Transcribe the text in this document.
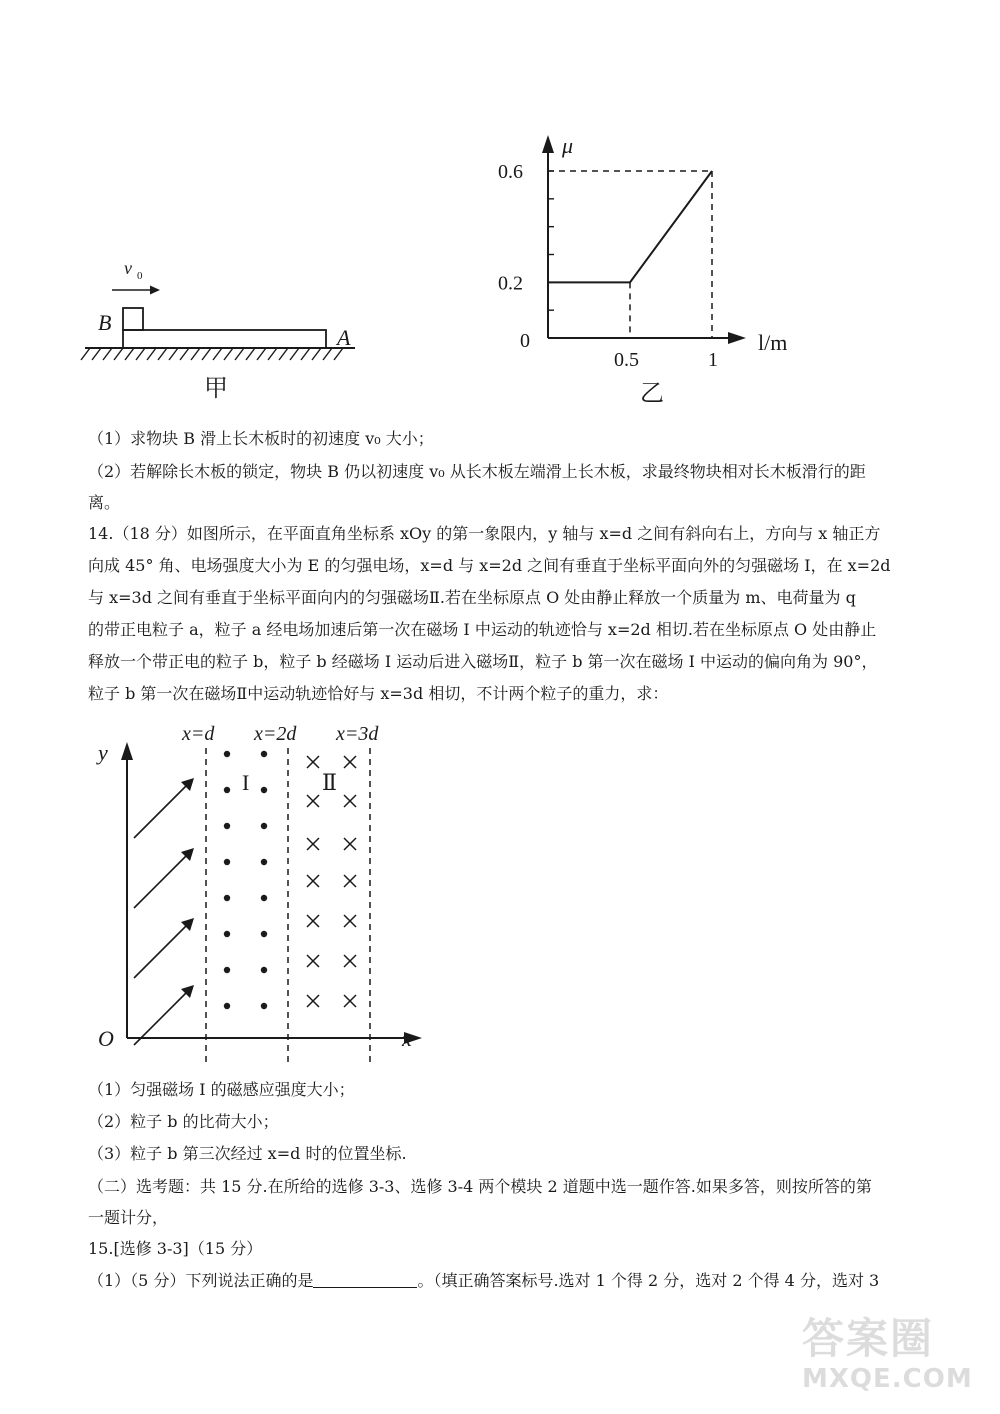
v 0
B
A
甲
0.2
0.6
0.5	1
μ
l/m
0
乙
（1）求物块 B 滑上长木板时的初速度 v₀ 大小；
（2）若解除长木板的锁定，物块 B 仍以初速度 v₀ 从长木板左端滑上长木板，求最终物块相对长木板滑行的距
离。
14.（18 分）如图所示，在平面直角坐标系 xOy 的第一象限内，y 轴与 x=d 之间有斜向右上，方向与 x 轴正方
向成 45° 角、电场强度大小为 E 的匀强电场，x=d 与 x=2d 之间有垂直于坐标平面向外的匀强磁场 I，在 x=2d
与 x=3d 之间有垂直于坐标平面向内的匀强磁场Ⅱ.若在坐标原点 O 处由静止释放一个质量为 m、电荷量为 q
的带正电粒子 a，粒子 a 经电场加速后第一次在磁场 I 中运动的轨迹恰与 x=2d 相切.若在坐标原点 O 处由静止
释放一个带正电的粒子 b，粒子 b 经磁场 I 运动后进入磁场Ⅱ，粒子 b 第一次在磁场 I 中运动的偏向角为 90°，
粒子 b 第一次在磁场Ⅱ中运动轨迹恰好与 x=3d 相切，不计两个粒子的重力，求：
x=d x=2d x=3d
y
x
O
I	Ⅱ
（1）匀强磁场 I 的磁感应强度大小；
（2）粒子 b 的比荷大小；
（3）粒子 b 第三次经过 x=d 时的位置坐标.
（二）选考题：共 15 分.在所给的选修 3-3、选修 3-4 两个模块 2 道题中选一题作答.如果多答，则按所答的第
一题计分，
15.[选修 3-3]（15 分）
（1）（5 分）下列说法正确的是	。（填正确答案标号.选对 1 个得 2 分，选对 2 个得 4 分，选对 3
答案圈
MXQE.COM
